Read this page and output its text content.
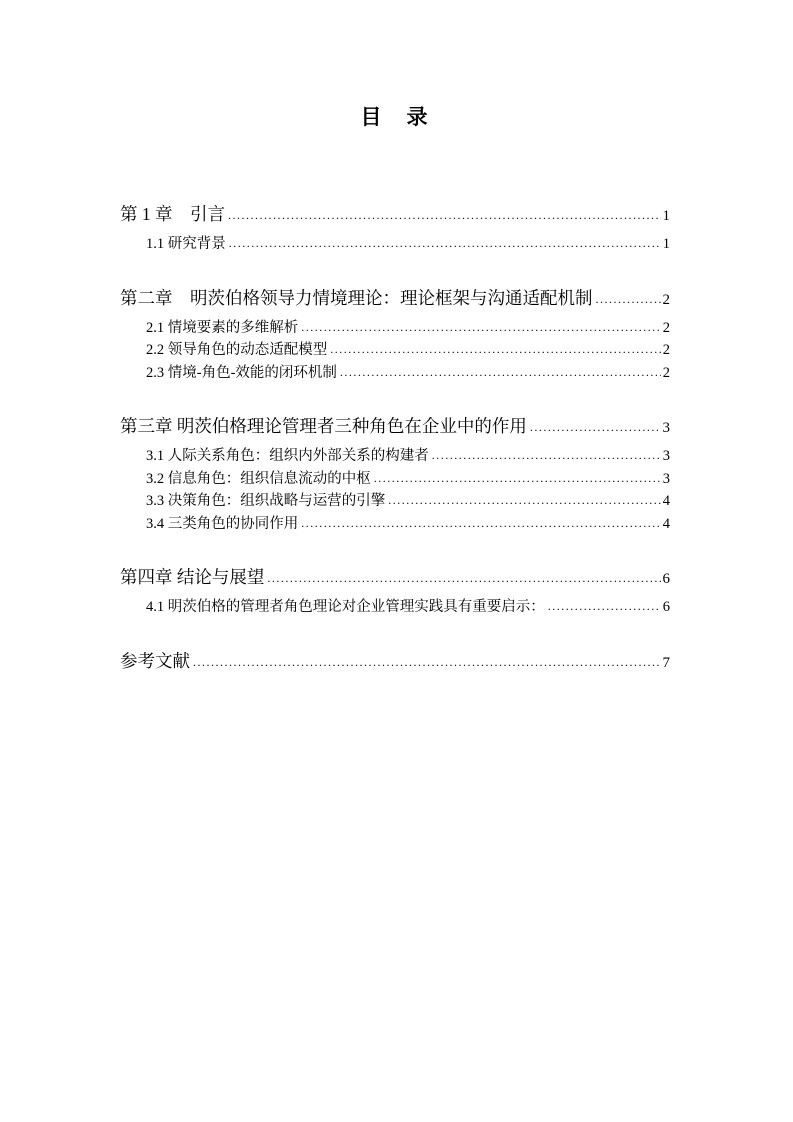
目　录
第 1 章　引言 .....	1
1.1 研究背景 .....	1
第二章　明茨伯格领导力情境理论：理论框架与沟通适配机制 .....	2
2.1 情境要素的多维解析 .....	2
2.2 领导角色的动态适配模型 .....	2
2.3 情境-角色-效能的闭环机制 .....	2
第三章 明茨伯格理论管理者三种角色在企业中的作用 .....	3
3.1 人际关系角色：组织内外部关系的构建者 .....	3
3.2 信息角色：组织信息流动的中枢 .....	3
3.3 决策角色：组织战略与运营的引擎 .....	4
3.4 三类角色的协同作用 .....	4
第四章 结论与展望 .....	6
4.1 明茨伯格的管理者角色理论对企业管理实践具有重要启示： .....	6
参考文献 .....	7
